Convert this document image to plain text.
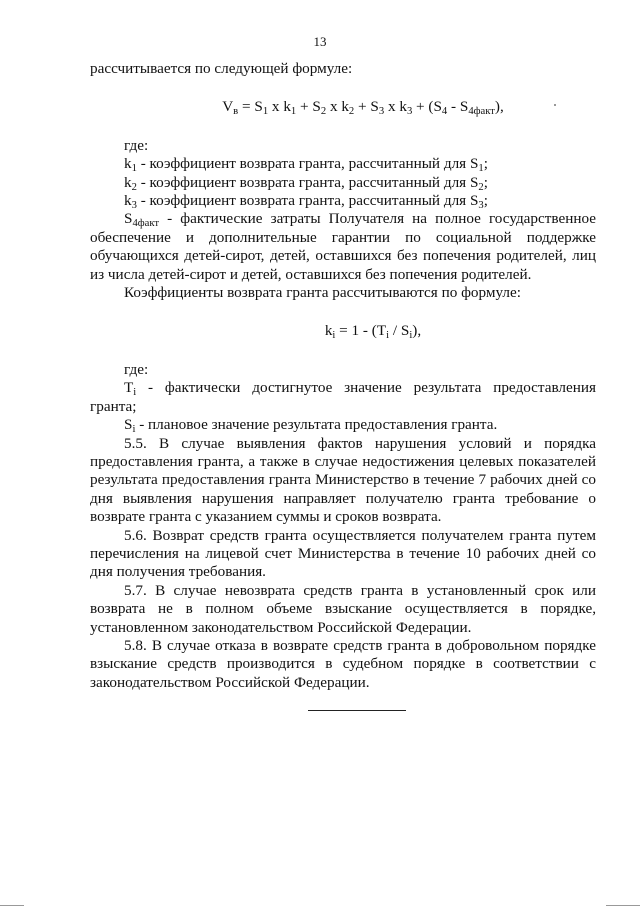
13

рассчитывается по следующей формуле:

$V_в = S_1$ x $k_1 + S_2$ x $k_2 + S_3$ x $k_3 + (S_4 - S_{4факт})$,

где:

$k_1$ - коэффициент возврата гранта, рассчитанный для $S_1$;

$k_2$ - коэффициент возврата гранта, рассчитанный для $S_2$;

$k_3$ - коэффициент возврата гранта, рассчитанный для $S_3$;

$S_{4факт}$ - фактические затраты Получателя на полное государственное обеспечение и дополнительные гарантии по социальной поддержке обучающихся детей-сирот, детей, оставшихся без попечения родителей, лиц из числа детей-сирот и детей, оставшихся без попечения родителей.

Коэффициенты возврата гранта рассчитываются по формуле:

$k_i = 1 - (T_i / S_i)$,

где:

$T_i$ - фактически достигнутое значение результата предоставления гранта;

$S_i$ - плановое значение результата предоставления гранта.

5.5. В случае выявления фактов нарушения условий и порядка предоставления гранта, а также в случае недостижения целевых показателей результата предоставления гранта Министерство в течение 7 рабочих дней со дня выявления нарушения направляет получателю гранта требование о возврате гранта с указанием суммы и сроков возврата.

5.6. Возврат средств гранта осуществляется получателем гранта путем перечисления на лицевой счет Министерства в течение 10 рабочих дней со дня получения требования.

5.7. В случае невозврата средств гранта в установленный срок или возврата не в полном объеме взыскание осуществляется в порядке, установленном законодательством Российской Федерации.

5.8. В случае отказа в возврате средств гранта в добровольном порядке взыскание средств производится в судебном порядке в соответствии с законодательством Российской Федерации.
